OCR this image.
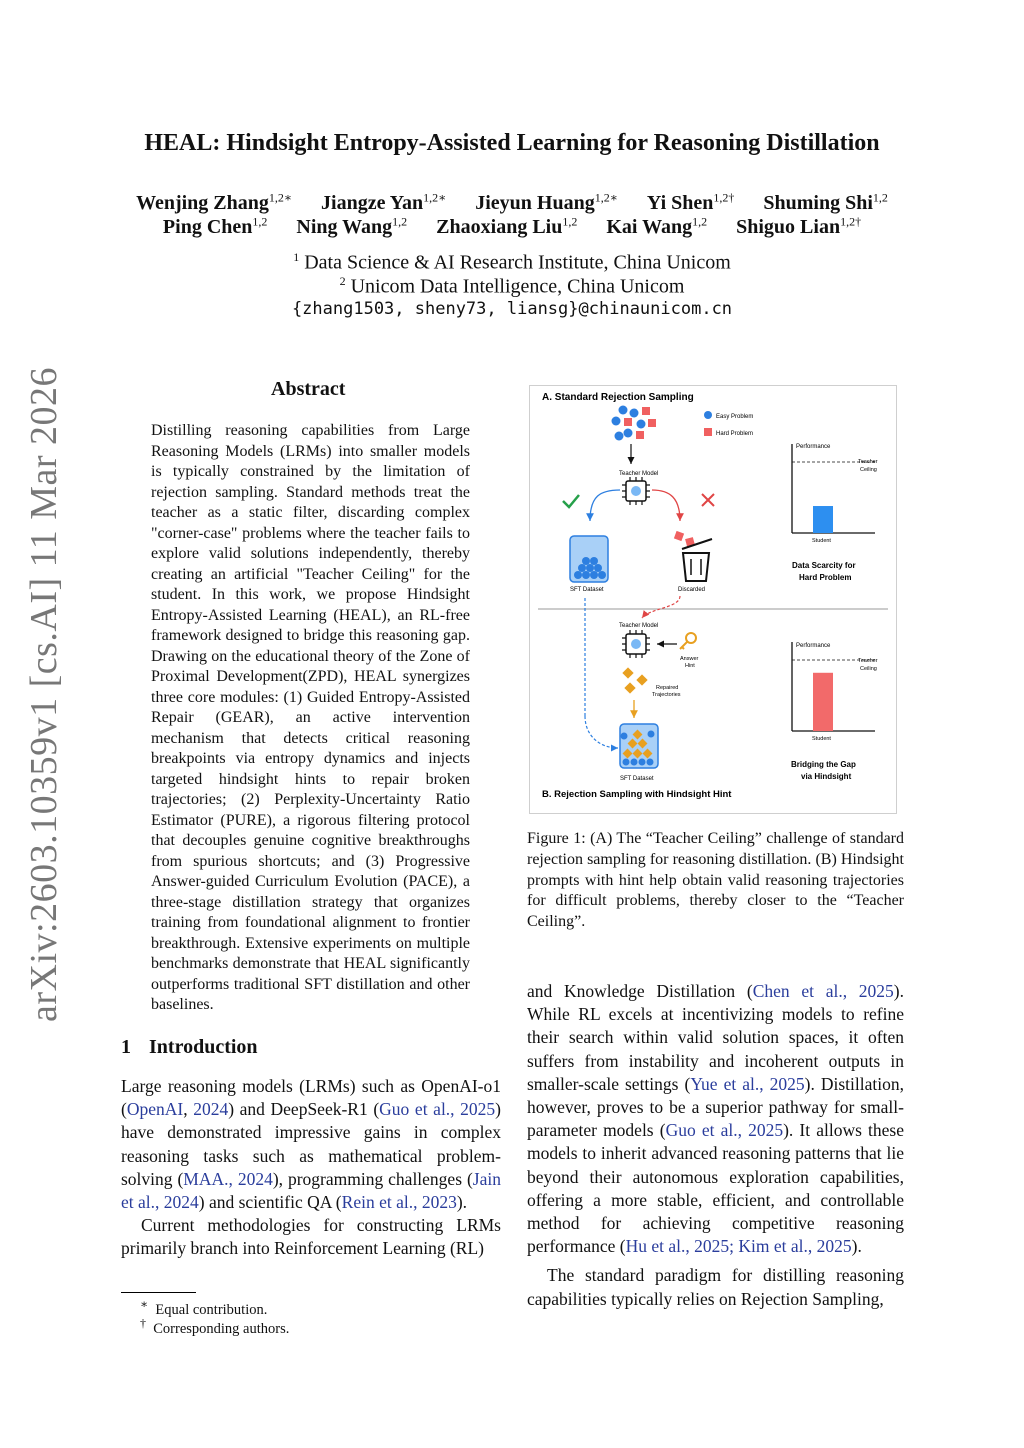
arXiv:2603.10359v1 [cs.AI] 11 Mar 2026
HEAL: Hindsight Entropy-Assisted Learning for Reasoning Distillation
Wenjing Zhang$^{1,2∗}$ Jiangze Yan$^{1,2∗}$ Jieyun Huang$^{1,2∗}$ Yi Shen$^{1,2\dagger}$ Shuming Shi$^{1,2}$
Ping Chen$^{1,2}$ Ning Wang$^{1,2}$ Zhaoxiang Liu$^{1,2}$ Kai Wang$^{1,2}$ Shiguo Lian$^{1,2\dagger}$
$^1$ Data Science & AI Research Institute, China Unicom
$^2$ Unicom Data Intelligence, China Unicom
{zhang1503, sheny73, liansg}@chinaunicom.cn
Abstract
Distilling reasoning capabilities from Large Reasoning Models (LRMs) into smaller models is typically constrained by the limitation of rejection sampling. Standard methods treat the teacher as a static filter, discarding complex "corner-case" problems where the teacher fails to explore valid solutions independently, thereby creating an artificial "Teacher Ceiling" for the student. In this work, we propose Hindsight Entropy-Assisted Learning (HEAL), an RL-free framework designed to bridge this reasoning gap. Drawing on the educational theory of the Zone of Proximal Development(ZPD), HEAL synergizes three core modules: (1) Guided Entropy-Assisted Repair (GEAR), an active intervention mechanism that detects critical reasoning breakpoints via entropy dynamics and injects targeted hindsight hints to repair broken trajectories; (2) Perplexity-Uncertainty Ratio Estimator (PURE), a rigorous filtering protocol that decouples genuine cognitive breakthroughs from spurious shortcuts; and (3) Progressive Answer-guided Curriculum Evolution (PACE), a three-stage distillation strategy that organizes training from foundational alignment to frontier breakthrough. Extensive experiments on multiple benchmarks demonstrate that HEAL significantly outperforms traditional SFT distillation and other baselines.
1 Introduction

Large reasoning models (LRMs) such as OpenAI-o1 (OpenAI, 2024) and DeepSeek-R1 (Guo et al., 2025) have demonstrated impressive gains in complex reasoning tasks such as mathematical problem-solving (MAA., 2024), programming challenges (Jain et al., 2024) and scientific QA (Rein et al., 2023).

Current methodologies for constructing LRMs primarily branch into Reinforcement Learning (RL)

∗ Equal contribution.
† Corresponding authors.
A. Standard Rejection Sampling
Easy Problem
Hard Problem
Teacher Model
SFT Dataset	Discarded
Performance
Teacher
Ceiling
Student
Data Scarcity for
Hard Problem
Teacher Model
Answer
Hint
Repaired
Trajectories
SFT Dataset
B. Rejection Sampling with Hindsight Hint
Performance
Teacher
Ceiling
Student
Bridging the Gap
via Hindsight
Figure 1: (A) The “Teacher Ceiling” challenge of standard rejection sampling for reasoning distillation. (B) Hindsight prompts with hint help obtain valid reasoning trajectories for difficult problems, thereby closer to the “Teacher Ceiling”.

and Knowledge Distillation (Chen et al., 2025). While RL excels at incentivizing models to refine their search within valid solution spaces, it often suffers from instability and incoherent outputs in smaller-scale settings (Yue et al., 2025). Distillation, however, proves to be a superior pathway for small-parameter models (Guo et al., 2025). It allows these models to inherit advanced reasoning patterns that lie beyond their autonomous exploration capabilities, offering a more stable, efficient, and controllable method for achieving competitive reasoning performance (Hu et al., 2025; Kim et al., 2025).

The standard paradigm for distilling reasoning capabilities typically relies on Rejection Sampling,
